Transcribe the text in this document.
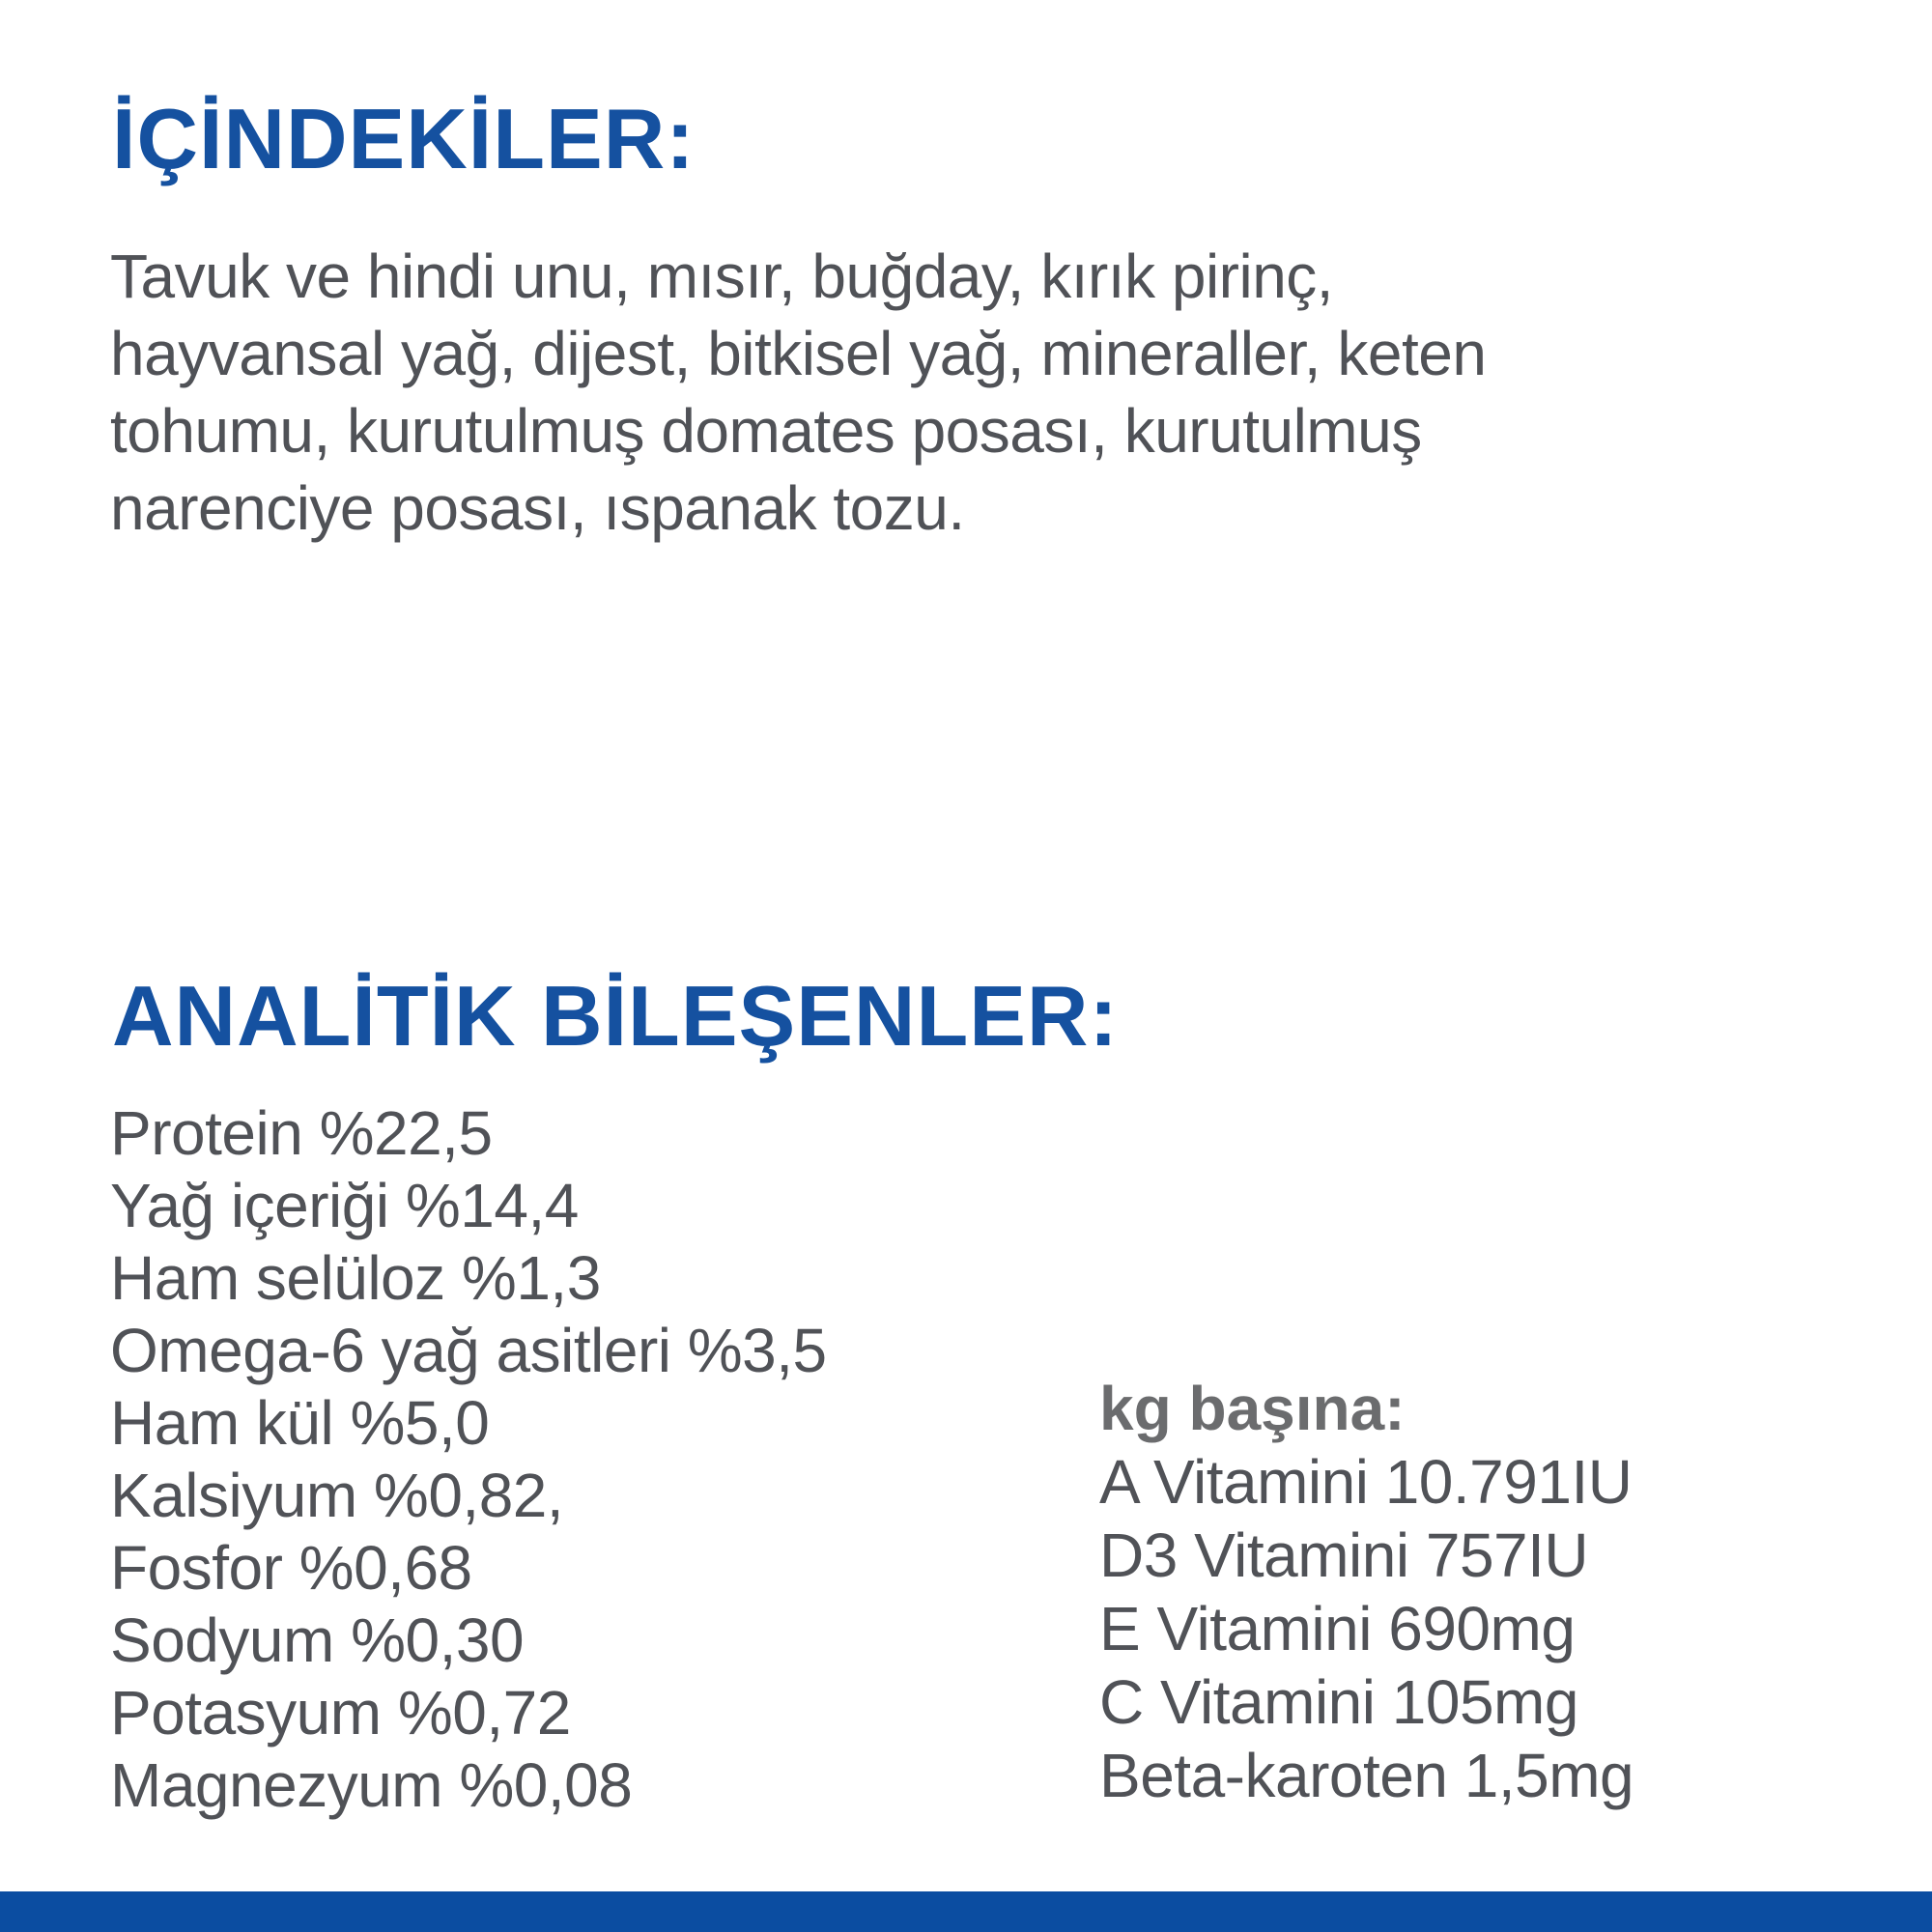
İÇİNDEKİLER:
Tavuk ve hindi unu, mısır, buğday, kırık pirinç,
hayvansal yağ, dijest, bitkisel yağ, mineraller, keten
tohumu, kurutulmuş domates posası, kurutulmuş
narenciye posası, ıspanak tozu.
ANALİTİK BİLEŞENLER:
Protein %22,5
Yağ içeriği %14,4
Ham selüloz %1,3
Omega-6 yağ asitleri %3,5
Ham kül %5,0
Kalsiyum %0,82,
Fosfor %0,68
Sodyum %0,30
Potasyum %0,72
Magnezyum %0,08
kg başına:
A Vitamini 10.791IU
D3 Vitamini 757IU
E Vitamini 690mg
C Vitamini 105mg
Beta-karoten 1,5mg
